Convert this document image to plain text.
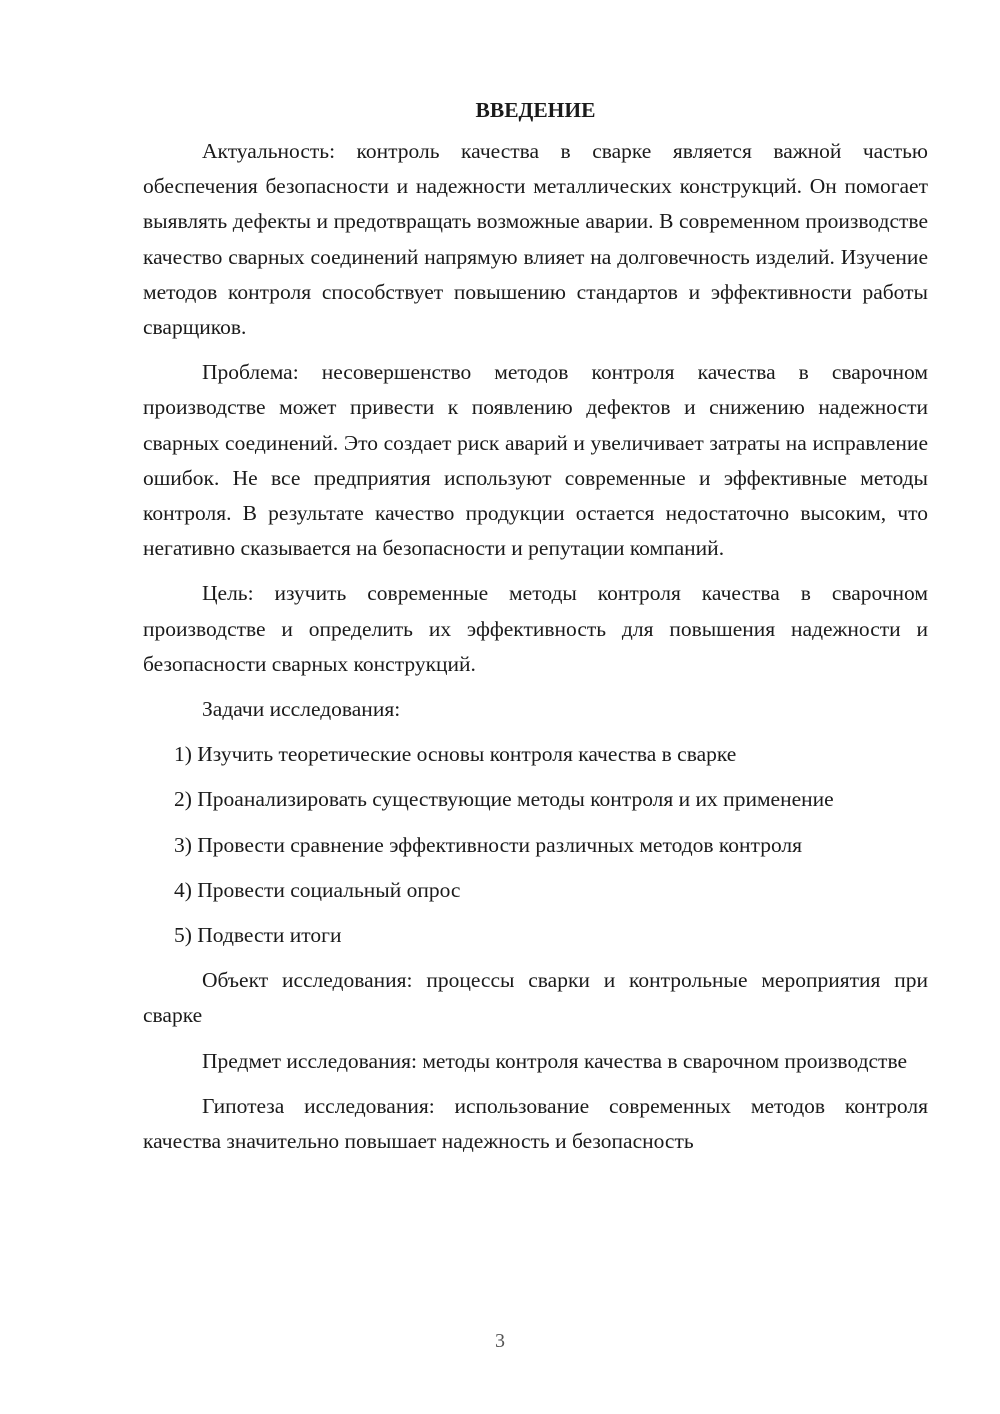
ВВЕДЕНИЕ

Актуальность: контроль качества в сварке является важной частью обеспечения безопасности и надежности металлических конструкций. Он помогает выявлять дефекты и предотвращать возможные аварии. В современном производстве качество сварных соединений напрямую влияет на долговечность изделий. Изучение методов контроля способствует повышению стандартов и эффективности работы сварщиков.

Проблема: несовершенство методов контроля качества в сварочном производстве может привести к появлению дефектов и снижению надежности сварных соединений. Это создает риск аварий и увеличивает затраты на исправление ошибок. Не все предприятия используют современные и эффективные методы контроля. В результате качество продукции остается недостаточно высоким, что негативно сказывается на безопасности и репутации компаний.

Цель: изучить современные методы контроля качества в сварочном производстве и определить их эффективность для повышения надежности и безопасности сварных конструкций.

Задачи исследования:

1) Изучить теоретические основы контроля качества в сварке

2) Проанализировать существующие методы контроля и их применение

3) Провести сравнение эффективности различных методов контроля

4) Провести социальный опрос

5) Подвести итоги

Объект исследования: процессы сварки и контрольные мероприятия при сварке

Предмет исследования: методы контроля качества в сварочном производстве

Гипотеза исследования: использование современных методов контроля качества значительно повышает надежность и безопасность

3
